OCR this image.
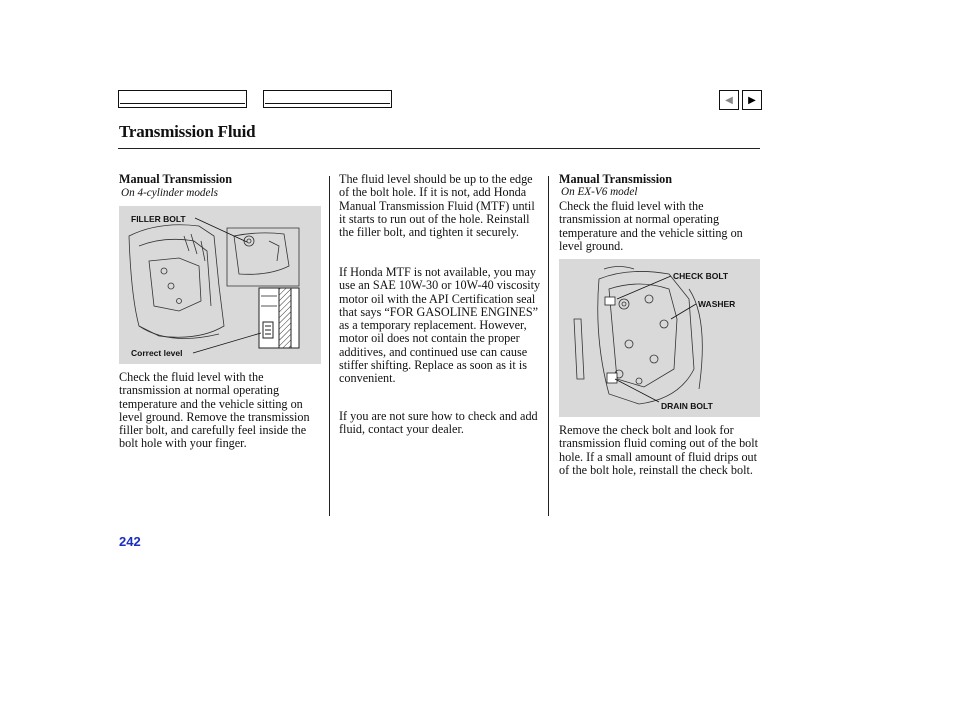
◀ ▶
Transmission Fluid
Manual Transmission
On 4-cylinder models
FILLER BOLT
Correct level
Check the fluid level with the transmission at normal operating temperature and the vehicle sitting on level ground. Remove the transmission filler bolt, and carefully feel inside the bolt hole with your finger.
The fluid level should be up to the edge of the bolt hole. If it is not, add Honda Manual Transmission Fluid (MTF) until it starts to run out of the hole. Reinstall the filler bolt, and tighten it securely.
If Honda MTF is not available, you may use an SAE 10W-30 or 10W-40 viscosity motor oil with the API Certification seal that says “FOR GASOLINE ENGINES” as a temporary replacement. However, motor oil does not contain the proper additives, and continued use can cause stiffer shifting. Replace as soon as it is convenient.
If you are not sure how to check and add fluid, contact your dealer.
Manual Transmission
On EX-V6 model
Check the fluid level with the transmission at normal operating temperature and the vehicle sitting on level ground.
CHECK BOLT
WASHER
DRAIN BOLT
Remove the check bolt and look for transmission fluid coming out of the bolt hole. If a small amount of fluid drips out of the bolt hole, reinstall the check bolt.
242
